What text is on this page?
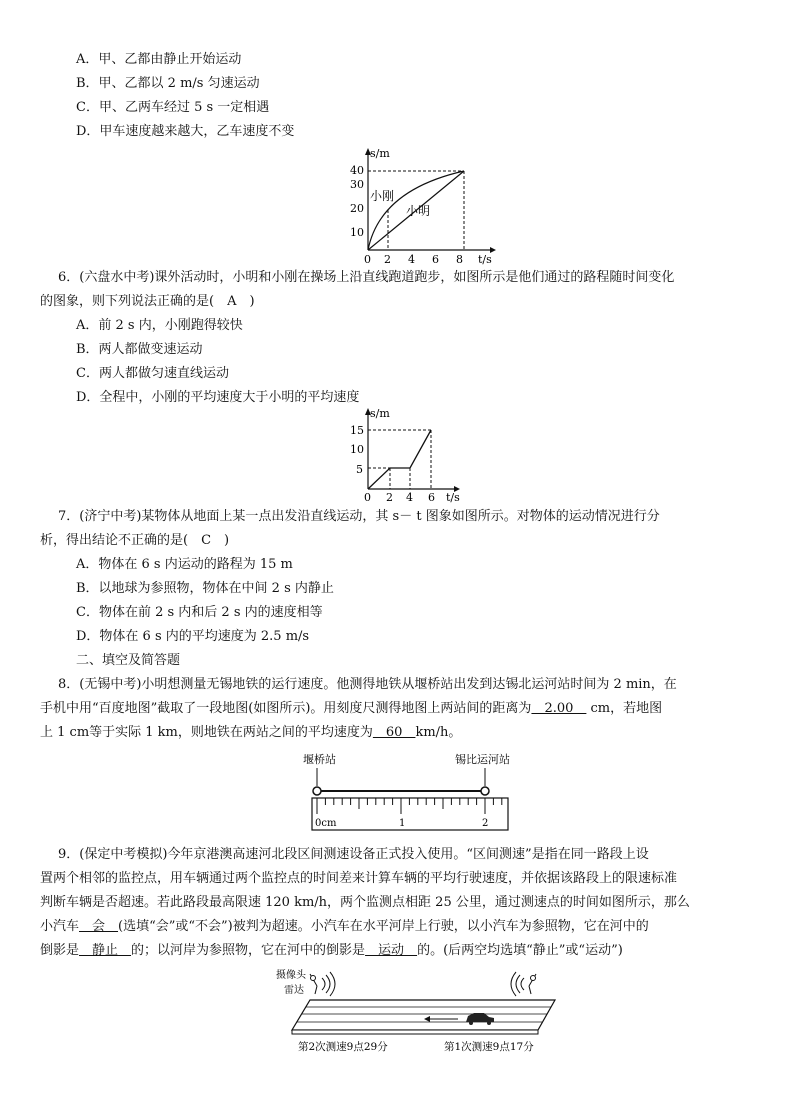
A．甲、乙都由静止开始运动
B．甲、乙都以 2 m/s 匀速运动
C．甲、乙两车经过 5 s 一定相遇
D．甲车速度越来越大，乙车速度不变
s/m
t/s
10
20
30
40
0 2 4 6 8
小刚
小明
6．(六盘水中考)课外活动时，小明和小刚在操场上沿直线跑道跑步，如图所示是他们通过的路程随时间变化
的图象，则下列说法正确的是(　A　)
A．前 2 s 内，小刚跑得较快
B．两人都做变速运动
C．两人都做匀速直线运动
D．全程中，小刚的平均速度大于小明的平均速度
s/m
t/s
5
10
15
0 2 4 6
7．(济宁中考)某物体从地面上某一点出发沿直线运动，其 s－ t 图象如图所示。对物体的运动情况进行分
析，得出结论不正确的是(　C　)
A．物体在 6 s 内运动的路程为 15 m
B．以地球为参照物，物体在中间 2 s 内静止
C．物体在前 2 s 内和后 2 s 内的速度相等
D．物体在 6 s 内的平均速度为 2.5 m/s
二、填空及简答题
8．(无锡中考)小明想测量无锡地铁的运行速度。他测得地铁从堰桥站出发到达锡北运河站时间为 2 min，在
手机中用“百度地图”截取了一段地图(如图所示)。用刻度尺测得地图上两站间的距离为　2.00　 cm，若地图
上 1 cm等于实际 1 km，则地铁在两站之间的平均速度为　60　km/h。
堰桥站	锡比运河站
0cm	1	2
9．(保定中考模拟)今年京港澳高速河北段区间测速设备正式投入使用。“区间测速”是指在同一路段上设
置两个相邻的监控点，用车辆通过两个监控点的时间差来计算车辆的平均行驶速度，并依据该路段上的限速标准
判断车辆是否超速。若此路段最高限速 120 km/h，两个监测点相距 25 公里，通过测速点的时间如图所示，那么
小汽车　会　(选填“会”或“不会”)被判为超速。小汽车在水平河岸上行驶，以小汽车为参照物，它在河中的
倒影是　静止　的；以河岸为参照物，它在河中的倒影是　运动　的。(后两空均选填“静止”或“运动”)
摄像头
雷达
第2次测速9点29分	第1次测速9点17分
